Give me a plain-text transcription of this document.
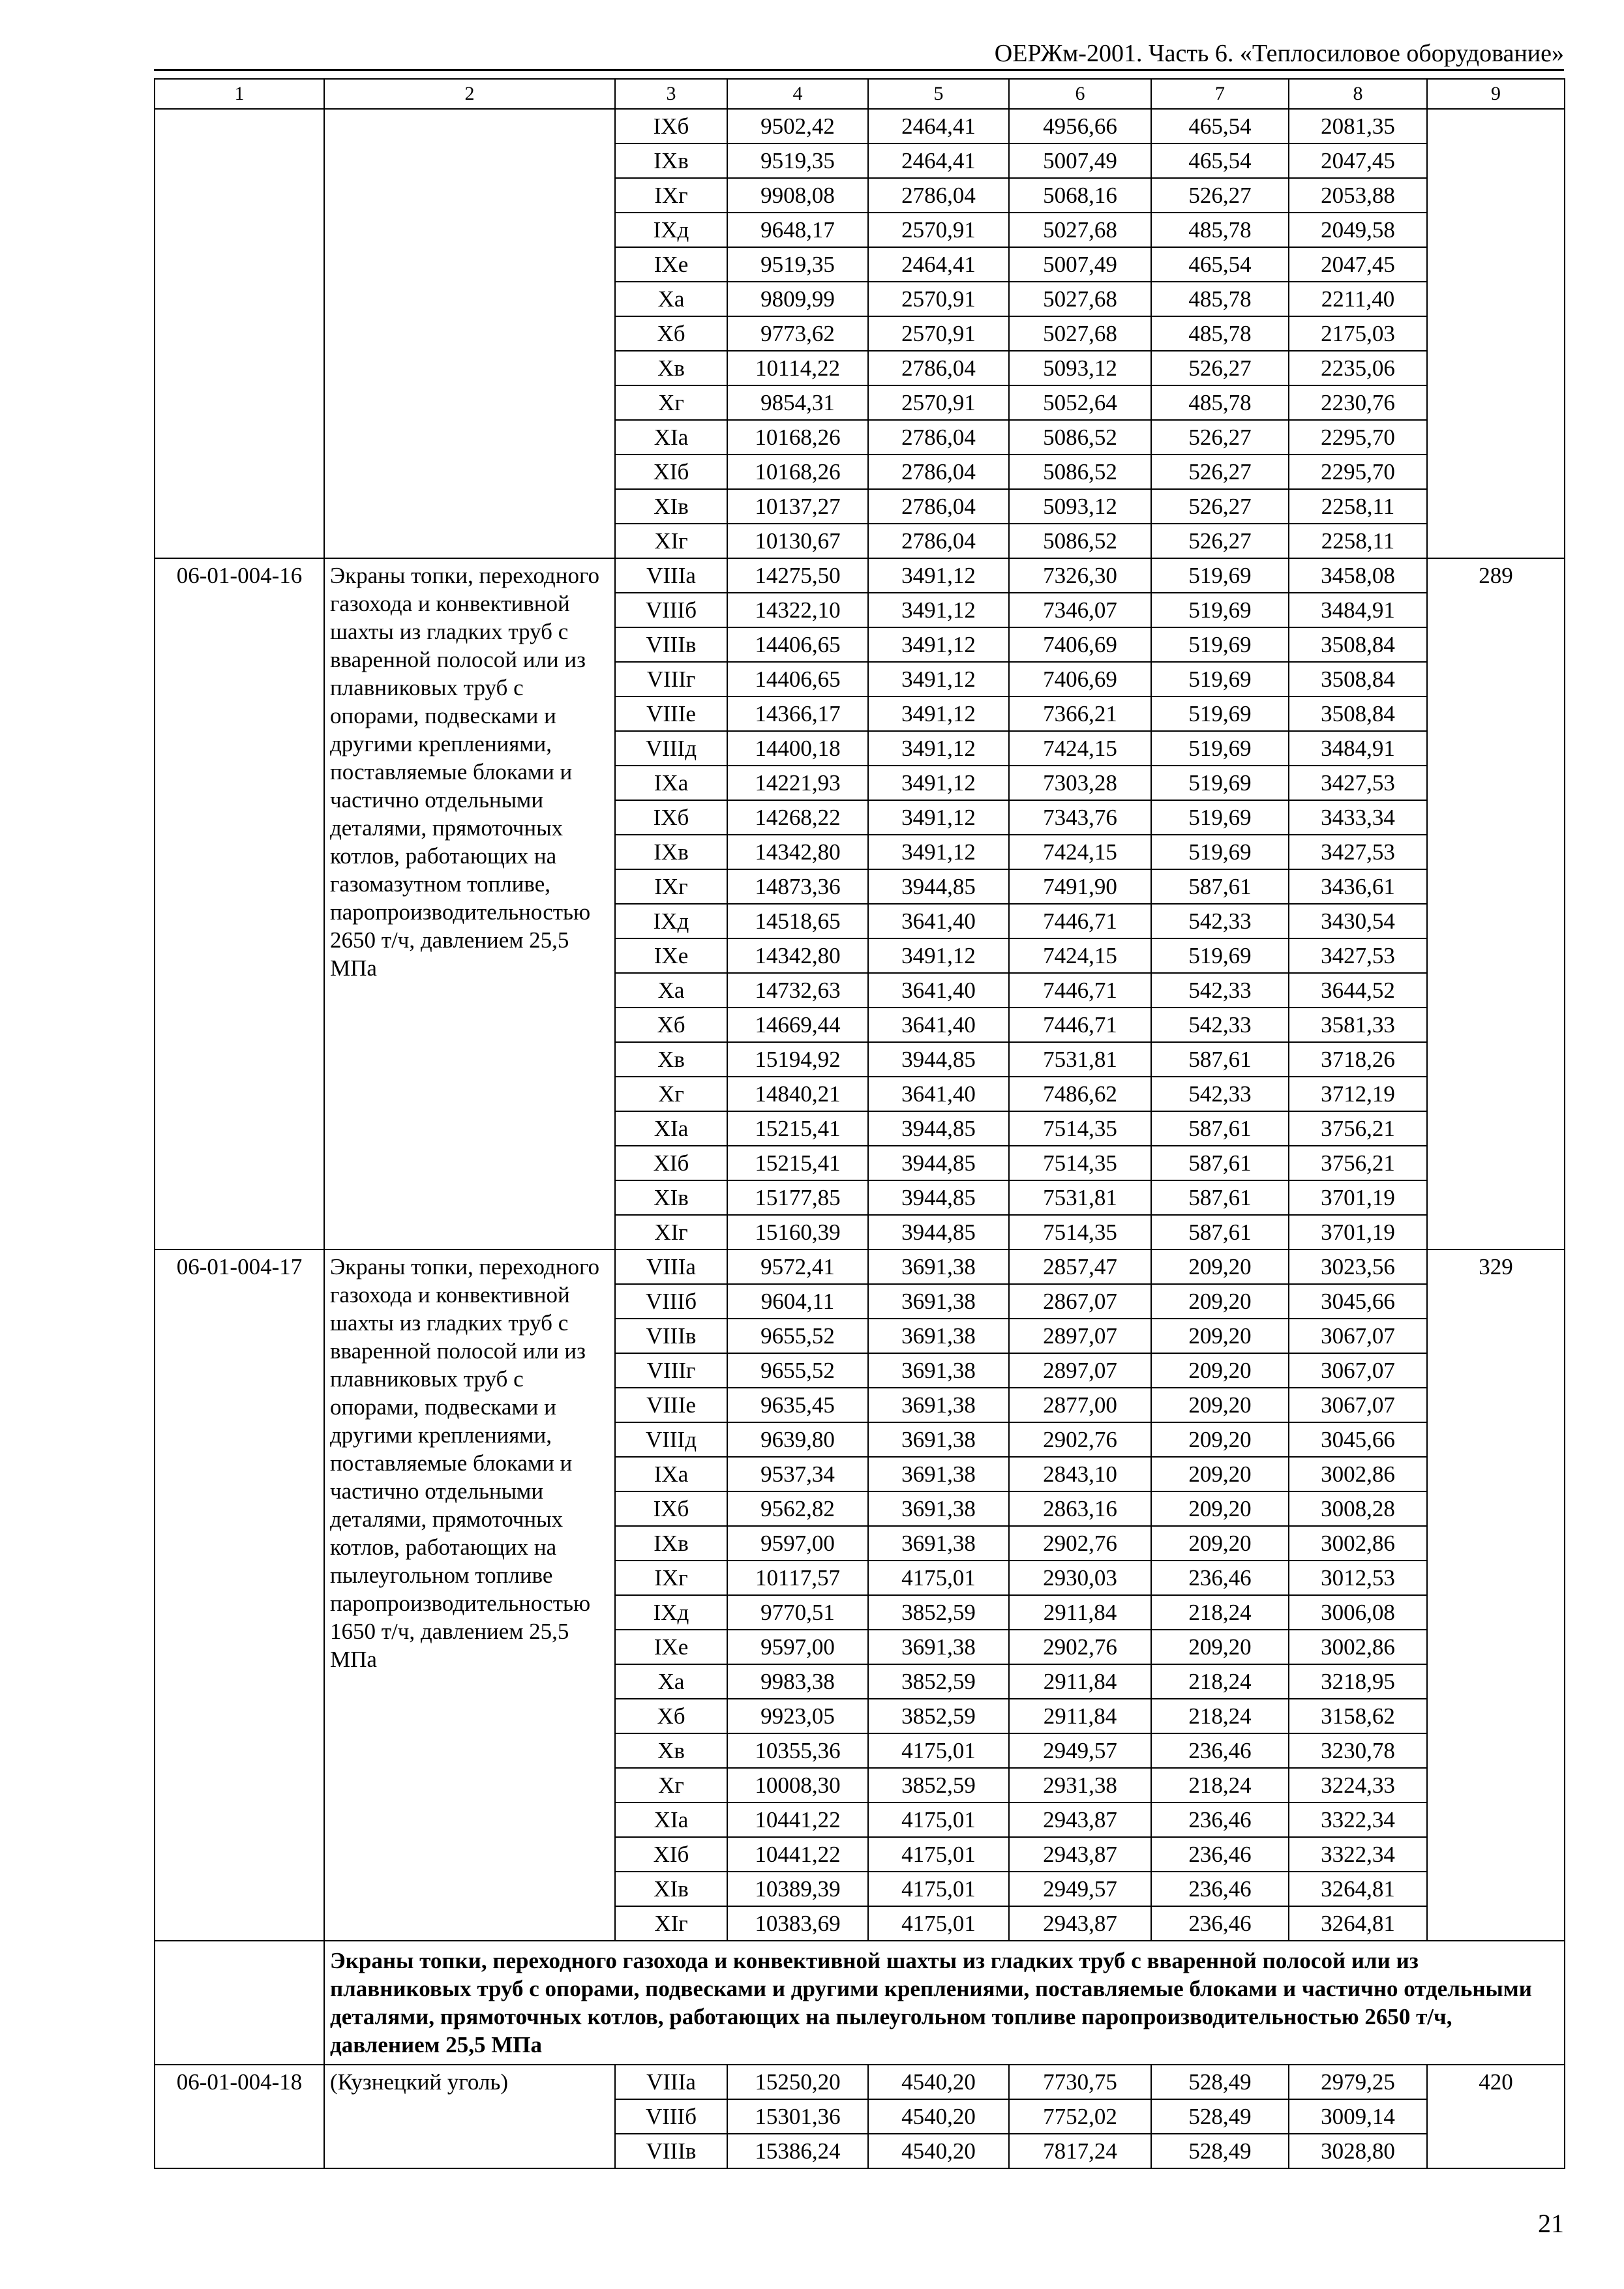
ОЕРЖм-2001. Часть 6. «Теплосиловое оборудование»
1	2	3	4	5	6	7	8	9
		IXб	9502,42	2464,41	4956,66	465,54	2081,35	
		IXв	9519,35	2464,41	5007,49	465,54	2047,45	
		IXг	9908,08	2786,04	5068,16	526,27	2053,88	
		IXд	9648,17	2570,91	5027,68	485,78	2049,58	
		IXе	9519,35	2464,41	5007,49	465,54	2047,45	
		Xа	9809,99	2570,91	5027,68	485,78	2211,40	
		Xб	9773,62	2570,91	5027,68	485,78	2175,03	
		Xв	10114,22	2786,04	5093,12	526,27	2235,06	
		Xг	9854,31	2570,91	5052,64	485,78	2230,76	
		XIа	10168,26	2786,04	5086,52	526,27	2295,70	
		XIб	10168,26	2786,04	5086,52	526,27	2295,70	
		XIв	10137,27	2786,04	5093,12	526,27	2258,11	
		XIг	10130,67	2786,04	5086,52	526,27	2258,11	
06-01-004-16	Экраны топки, переходного газохода и конвективной шахты из гладких труб с вваренной полосой или из плавниковых труб с опорами, подвесками и другими креплениями, поставляемые блоками и частично отдельными деталями, прямоточных котлов, работающих на газомазутном топливе, паропроизводительностью 2650 т/ч, давлением 25,5 МПа	VIIIа	14275,50	3491,12	7326,30	519,69	3458,08	289
		VIIIб	14322,10	3491,12	7346,07	519,69	3484,91	
		VIIIв	14406,65	3491,12	7406,69	519,69	3508,84	
		VIIIг	14406,65	3491,12	7406,69	519,69	3508,84	
		VIIIе	14366,17	3491,12	7366,21	519,69	3508,84	
		VIIIд	14400,18	3491,12	7424,15	519,69	3484,91	
		IXа	14221,93	3491,12	7303,28	519,69	3427,53	
		IXб	14268,22	3491,12	7343,76	519,69	3433,34	
		IXв	14342,80	3491,12	7424,15	519,69	3427,53	
		IXг	14873,36	3944,85	7491,90	587,61	3436,61	
		IXд	14518,65	3641,40	7446,71	542,33	3430,54	
		IXе	14342,80	3491,12	7424,15	519,69	3427,53	
		Xа	14732,63	3641,40	7446,71	542,33	3644,52	
		Xб	14669,44	3641,40	7446,71	542,33	3581,33	
		Xв	15194,92	3944,85	7531,81	587,61	3718,26	
		Xг	14840,21	3641,40	7486,62	542,33	3712,19	
		XIа	15215,41	3944,85	7514,35	587,61	3756,21	
		XIб	15215,41	3944,85	7514,35	587,61	3756,21	
		XIв	15177,85	3944,85	7531,81	587,61	3701,19	
		XIг	15160,39	3944,85	7514,35	587,61	3701,19	
06-01-004-17	Экраны топки, переходного газохода и конвективной шахты из гладких труб с вваренной полосой или из плавниковых труб с опорами, подвесками и другими креплениями, поставляемые блоками и частично отдельными деталями, прямоточных котлов, работающих на пылеугольном топливе паропроизводительностью 1650 т/ч, давлением 25,5 МПа	VIIIа	9572,41	3691,38	2857,47	209,20	3023,56	329
		VIIIб	9604,11	3691,38	2867,07	209,20	3045,66	
		VIIIв	9655,52	3691,38	2897,07	209,20	3067,07	
		VIIIг	9655,52	3691,38	2897,07	209,20	3067,07	
		VIIIе	9635,45	3691,38	2877,00	209,20	3067,07	
		VIIIд	9639,80	3691,38	2902,76	209,20	3045,66	
		IXа	9537,34	3691,38	2843,10	209,20	3002,86	
		IXб	9562,82	3691,38	2863,16	209,20	3008,28	
		IXв	9597,00	3691,38	2902,76	209,20	3002,86	
		IXг	10117,57	4175,01	2930,03	236,46	3012,53	
		IXд	9770,51	3852,59	2911,84	218,24	3006,08	
		IXе	9597,00	3691,38	2902,76	209,20	3002,86	
		Xа	9983,38	3852,59	2911,84	218,24	3218,95	
		Xб	9923,05	3852,59	2911,84	218,24	3158,62	
		Xв	10355,36	4175,01	2949,57	236,46	3230,78	
		Xг	10008,30	3852,59	2931,38	218,24	3224,33	
		XIа	10441,22	4175,01	2943,87	236,46	3322,34	
		XIб	10441,22	4175,01	2943,87	236,46	3322,34	
		XIв	10389,39	4175,01	2949,57	236,46	3264,81	
		XIг	10383,69	4175,01	2943,87	236,46	3264,81	
	Экраны топки, переходного газохода и конвективной шахты из гладких труб с вваренной полосой или из плавниковых труб с опорами, подвесками и другими креплениями, поставляемые блоками и частично отдельными деталями, прямоточных котлов, работающих на пылеугольном топливе паропроизводительностью 2650 т/ч, давлением 25,5 МПа							
06-01-004-18	(Кузнецкий уголь)	VIIIа	15250,20	4540,20	7730,75	528,49	2979,25	420
		VIIIб	15301,36	4540,20	7752,02	528,49	3009,14	
		VIIIв	15386,24	4540,20	7817,24	528,49	3028,80	
21
